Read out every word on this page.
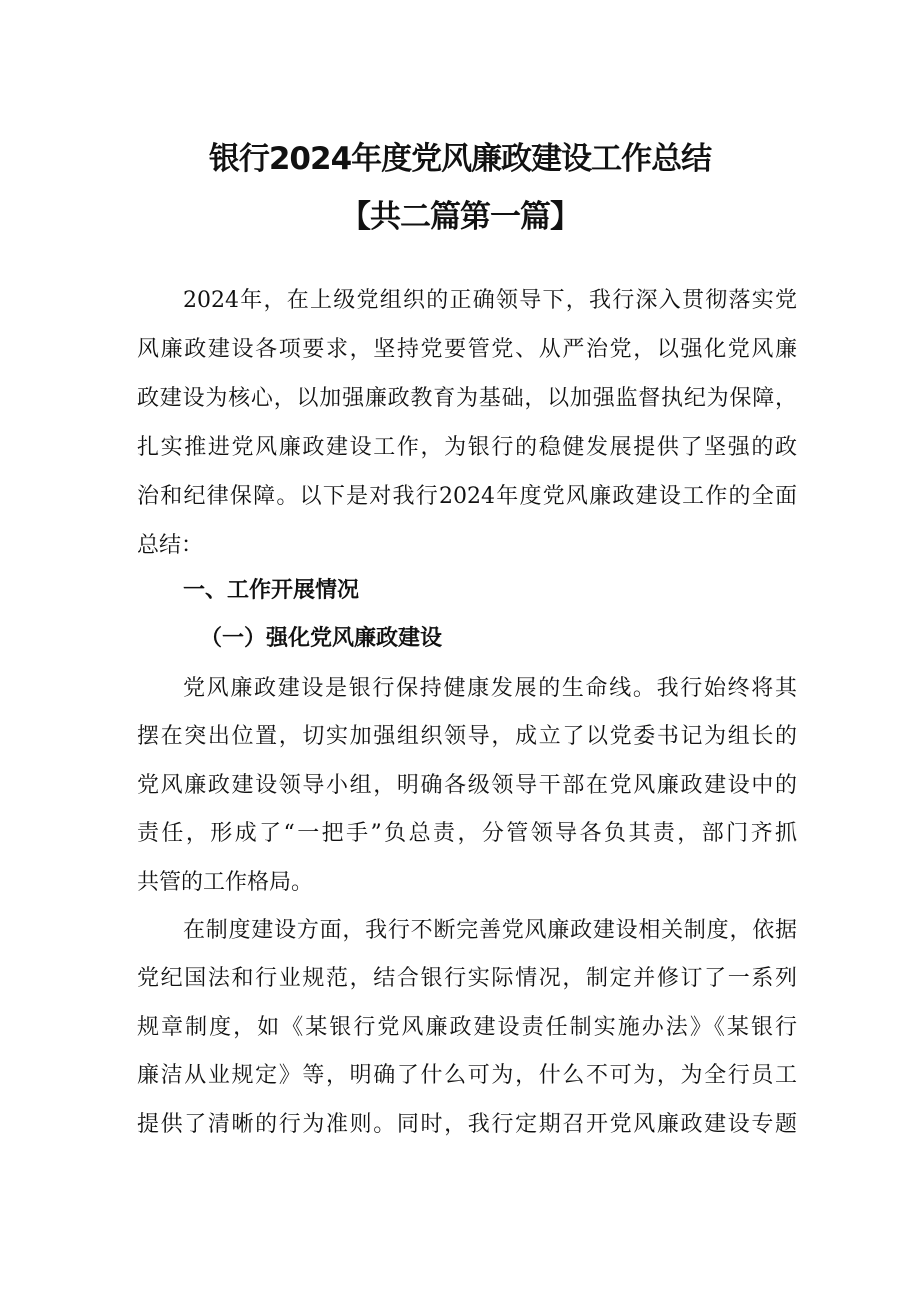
银行2024年度党风廉政建设工作总结
【共二篇第一篇】
2024年，在上级党组织的正确领导下，我行深入贯彻落实党
风廉政建设各项要求，坚持党要管党、从严治党，以强化党风廉
政建设为核心，以加强廉政教育为基础，以加强监督执纪为保障，
扎实推进党风廉政建设工作，为银行的稳健发展提供了坚强的政
治和纪律保障。以下是对我行2024年度党风廉政建设工作的全面
总结：
一、工作开展情况
（一）强化党风廉政建设
党风廉政建设是银行保持健康发展的生命线。我行始终将其
摆在突出位置，切实加强组织领导，成立了以党委书记为组长的
党风廉政建设领导小组，明确各级领导干部在党风廉政建设中的
责任，形成了“一把手”负总责，分管领导各负其责，部门齐抓
共管的工作格局。
在制度建设方面，我行不断完善党风廉政建设相关制度，依据
党纪国法和行业规范，结合银行实际情况，制定并修订了一系列
规章制度，如《某银行党风廉政建设责任制实施办法》《某银行
廉洁从业规定》等，明确了什么可为，什么不可为，为全行员工
提供了清晰的行为准则。同时，我行定期召开党风廉政建设专题
